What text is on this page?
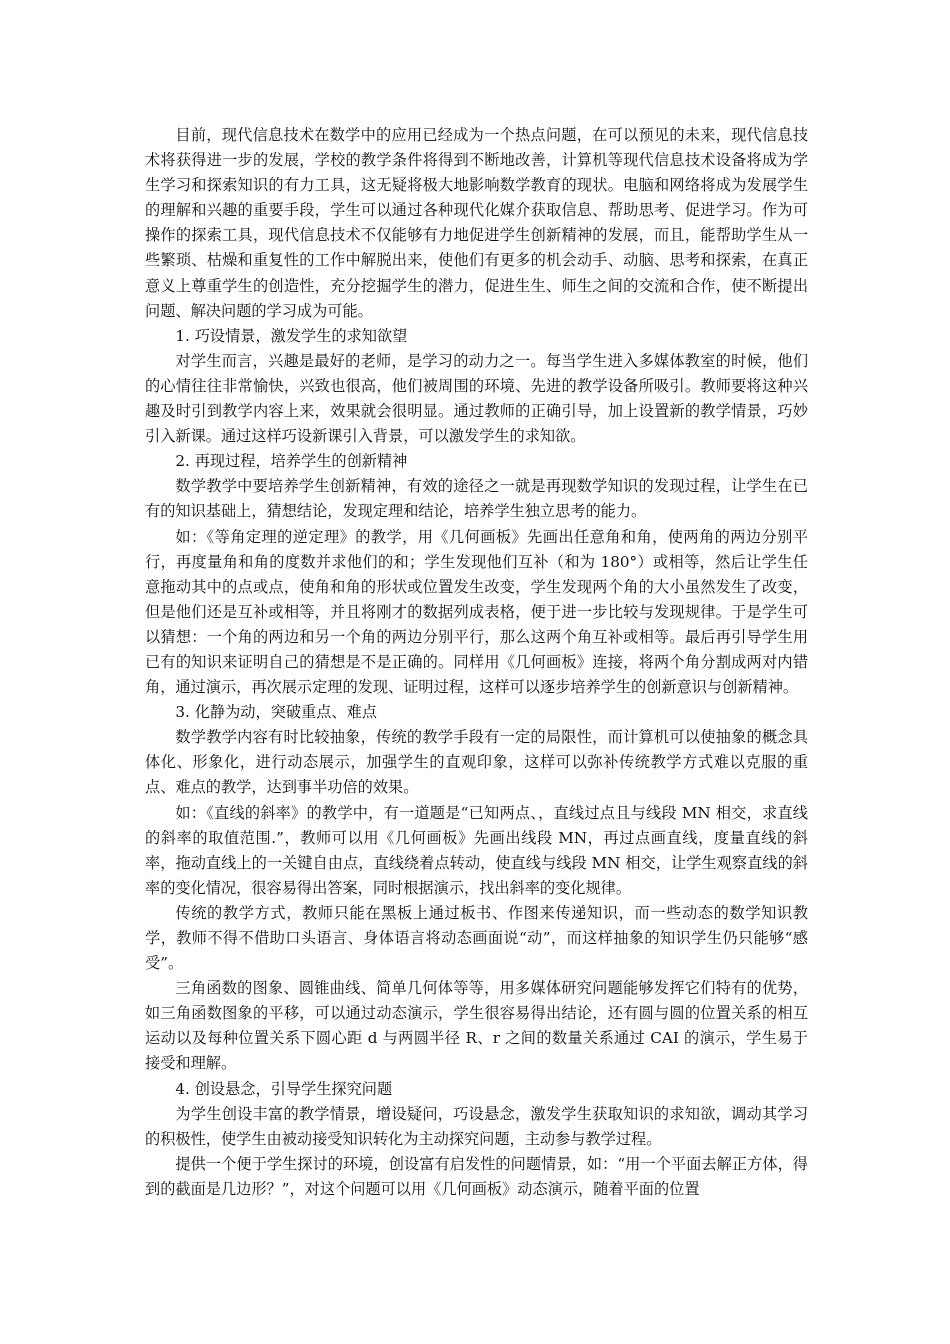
目前，现代信息技术在数学中的应用已经成为一个热点问题，在可以预见的未来，现代信息技术将获得进一步的发展，学校的教学条件将得到不断地改善，计算机等现代信息技术设备将成为学生学习和探索知识的有力工具，这无疑将极大地影响数学教育的现状。电脑和网络将成为发展学生的理解和兴趣的重要手段，学生可以通过各种现代化媒介获取信息、帮助思考、促进学习。作为可操作的探索工具，现代信息技术不仅能够有力地促进学生创新精神的发展，而且，能帮助学生从一些繁琐、枯燥和重复性的工作中解脱出来，使他们有更多的机会动手、动脑、思考和探索，在真正意义上尊重学生的创造性，充分挖掘学生的潜力，促进生生、师生之间的交流和合作，使不断提出问题、解决问题的学习成为可能。

1. 巧设情景，激发学生的求知欲望

对学生而言，兴趣是最好的老师，是学习的动力之一。每当学生进入多媒体教室的时候，他们的心情往往非常愉快，兴致也很高，他们被周围的环境、先进的教学设备所吸引。教师要将这种兴趣及时引到教学内容上来，效果就会很明显。通过教师的正确引导，加上设置新的教学情景，巧妙引入新课。通过这样巧设新课引入背景，可以激发学生的求知欲。

2. 再现过程，培养学生的创新精神

数学教学中要培养学生创新精神，有效的途径之一就是再现数学知识的发现过程，让学生在已有的知识基础上，猜想结论，发现定理和结论，培养学生独立思考的能力。

如：《等角定理的逆定理》的教学，用《几何画板》先画出任意角和角，使两角的两边分别平行，再度量角和角的度数并求他们的和；学生发现他们互补（和为 180°）或相等，然后让学生任意拖动其中的点或点，使角和角的形状或位置发生改变，学生发现两个角的大小虽然发生了改变，但是他们还是互补或相等，并且将刚才的数据列成表格，便于进一步比较与发现规律。于是学生可以猜想：一个角的两边和另一个角的两边分别平行，那么这两个角互补或相等。最后再引导学生用已有的知识来证明自己的猜想是不是正确的。同样用《几何画板》连接，将两个角分割成两对内错角，通过演示，再次展示定理的发现、证明过程，这样可以逐步培养学生的创新意识与创新精神。

3. 化静为动，突破重点、难点

数学教学内容有时比较抽象，传统的教学手段有一定的局限性，而计算机可以使抽象的概念具体化、形象化，进行动态展示，加强学生的直观印象，这样可以弥补传统教学方式难以克服的重点、难点的教学，达到事半功倍的效果。

如：《直线的斜率》的教学中，有一道题是“已知两点、，直线过点且与线段 MN 相交，求直线的斜率的取值范围.”，教师可以用《几何画板》先画出线段 MN，再过点画直线，度量直线的斜率，拖动直线上的一关键自由点，直线绕着点转动，使直线与线段 MN 相交，让学生观察直线的斜率的变化情况，很容易得出答案，同时根据演示，找出斜率的变化规律。

传统的教学方式，教师只能在黑板上通过板书、作图来传递知识，而一些动态的数学知识教学，教师不得不借助口头语言、身体语言将动态画面说“动”，而这样抽象的知识学生仍只能够“感受”。

三角函数的图象、圆锥曲线、简单几何体等等，用多媒体研究问题能够发挥它们特有的优势，如三角函数图象的平移，可以通过动态演示，学生很容易得出结论，还有圆与圆的位置关系的相互运动以及每种位置关系下圆心距 d 与两圆半径 R、r 之间的数量关系通过 CAI 的演示，学生易于接受和理解。

4. 创设悬念，引导学生探究问题

为学生创设丰富的教学情景，增设疑问，巧设悬念，激发学生获取知识的求知欲，调动其学习的积极性，使学生由被动接受知识转化为主动探究问题，主动参与教学过程。

提供一个便于学生探讨的环境，创设富有启发性的问题情景，如：“用一个平面去解正方体，得到的截面是几边形？”，对这个问题可以用《几何画板》动态演示，随着平面的位置
